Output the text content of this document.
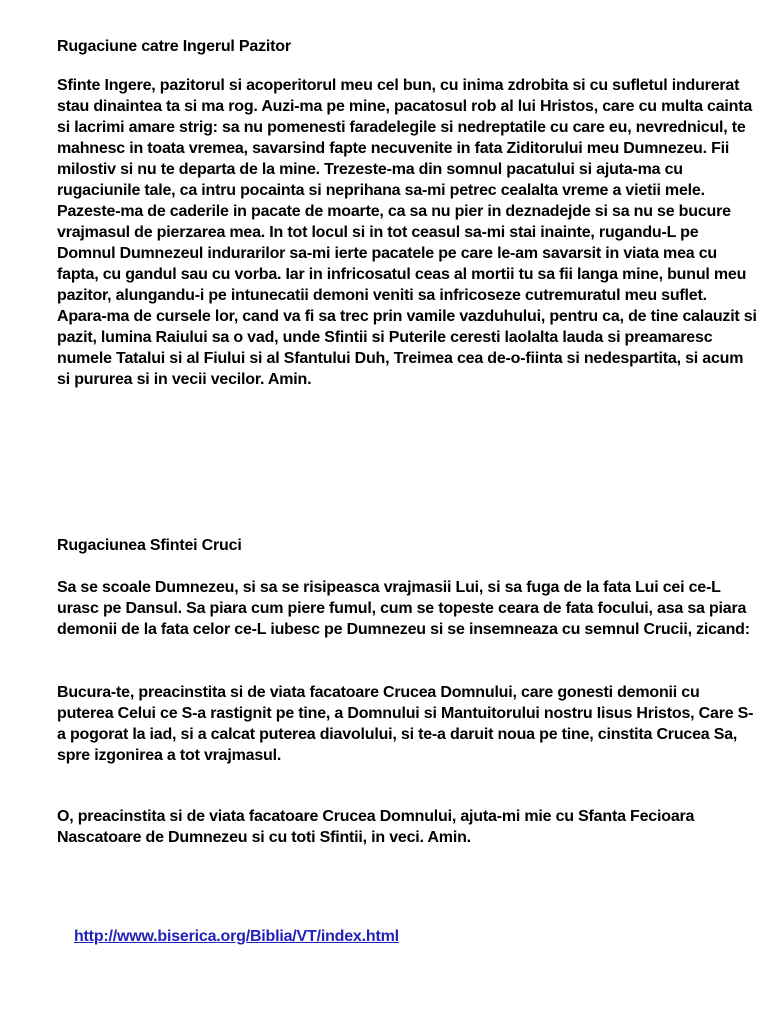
Rugaciune catre Ingerul Pazitor
Sfinte Ingere, pazitorul si acoperitorul meu cel bun, cu inima zdrobita si cu sufletul indurerat stau dinaintea ta si ma rog. Auzi-ma pe mine, pacatosul rob al lui Hristos, care cu multa cainta si lacrimi amare strig: sa nu pomenesti faradelegile si nedreptatile cu care eu, nevrednicul, te mahnesc in toata vremea, savarsind fapte necuvenite in fata Ziditorului meu Dumnezeu. Fii milostiv si nu te departa de la mine. Trezeste-ma din somnul pacatului si ajuta-ma cu rugaciunile tale, ca intru pocainta si neprihana sa-mi petrec cealalta vreme a vietii mele. Pazeste-ma de caderile in pacate de moarte, ca sa nu pier in deznadejde si sa nu se bucure vrajmasul de pierzarea mea. In tot locul si in tot ceasul sa-mi stai inainte, rugandu-L pe Domnul Dumnezeul indurarilor sa-mi ierte pacatele pe care le-am savarsit in viata mea cu fapta, cu gandul sau cu vorba. Iar in infricosatul ceas al mortii tu sa fii langa mine, bunul meu pazitor, alungandu-i pe intunecatii demoni veniti sa infricoseze cutremuratul meu suflet. Apara-ma de cursele lor, cand va fi sa trec prin vamile vazduhului, pentru ca, de tine calauzit si pazit, lumina Raiului sa o vad, unde Sfintii si Puterile ceresti laolalta lauda si preamaresc numele Tatalui si al Fiului si al Sfantului Duh, Treimea cea de-o-fiinta si nedespartita, si acum si pururea si in vecii vecilor. Amin.
Rugaciunea Sfintei Cruci
Sa se scoale Dumnezeu, si sa se risipeasca vrajmasii Lui, si sa fuga de la fata Lui cei ce-L urasc pe Dansul. Sa piara cum piere fumul, cum se topeste ceara de fata focului, asa sa piara demonii de la fata celor ce-L iubesc pe Dumnezeu si se insemneaza cu semnul Crucii, zicand:
Bucura-te, preacinstita si de viata facatoare Crucea Domnului, care gonesti demonii cu puterea Celui ce S-a rastignit pe tine, a Domnului si Mantuitorului nostru Iisus Hristos, Care S-a pogorat la iad, si a calcat puterea diavolului, si te-a daruit noua pe tine, cinstita Crucea Sa, spre izgonirea a tot vrajmasul.
O, preacinstita si de viata facatoare Crucea Domnului, ajuta-mi mie cu Sfanta Fecioara Nascatoare de Dumnezeu si cu toti Sfintii, in veci. Amin.

http://www.biserica.org/Biblia/VT/index.html
